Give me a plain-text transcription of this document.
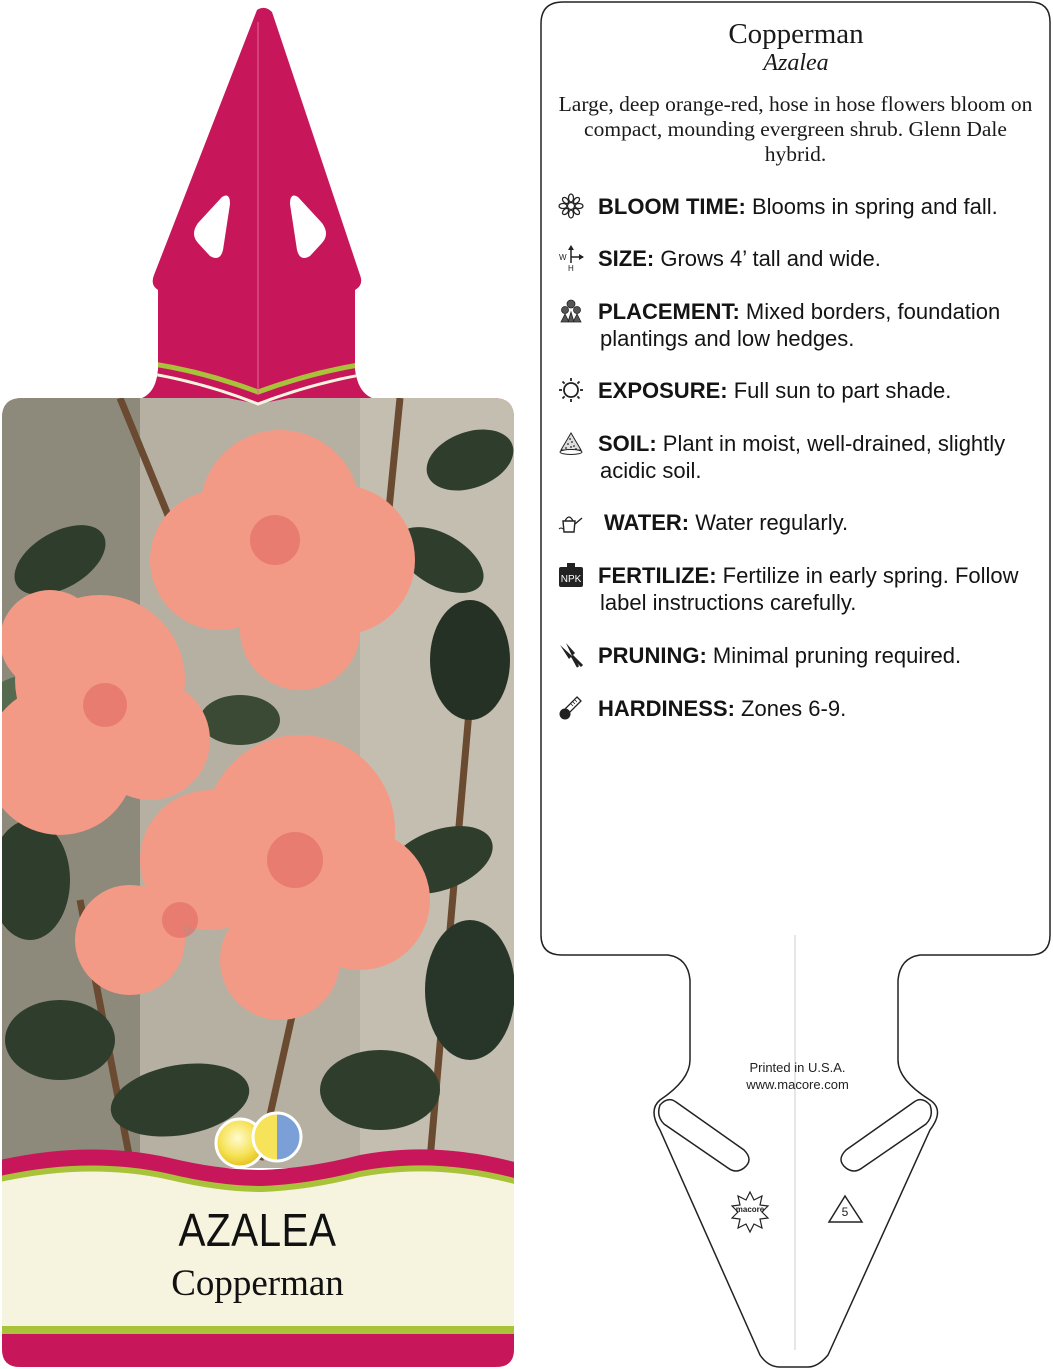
AZALEA
Copperman
macore	5
Copperman
Azalea
Large, deep orange-red, hose in hose flowers bloom on compact, mounding evergreen shrub. Glenn Dale hybrid.
BLOOM TIME: Blooms in spring and fall.
W
H SIZE: Grows 4’ tall and wide.
PLACEMENT: Mixed borders, foundation
plantings and low hedges.
EXPOSURE: Full sun to part shade.
SOIL: Plant in moist, well-drained, slightly
acidic soil.
WATER: Water regularly.
NPK FERTILIZE: Fertilize in early spring. Follow
label instructions carefully.
PRUNING: Minimal pruning required.
HARDINESS: Zones 6-9.
Printed in U.S.A.
www.macore.com
